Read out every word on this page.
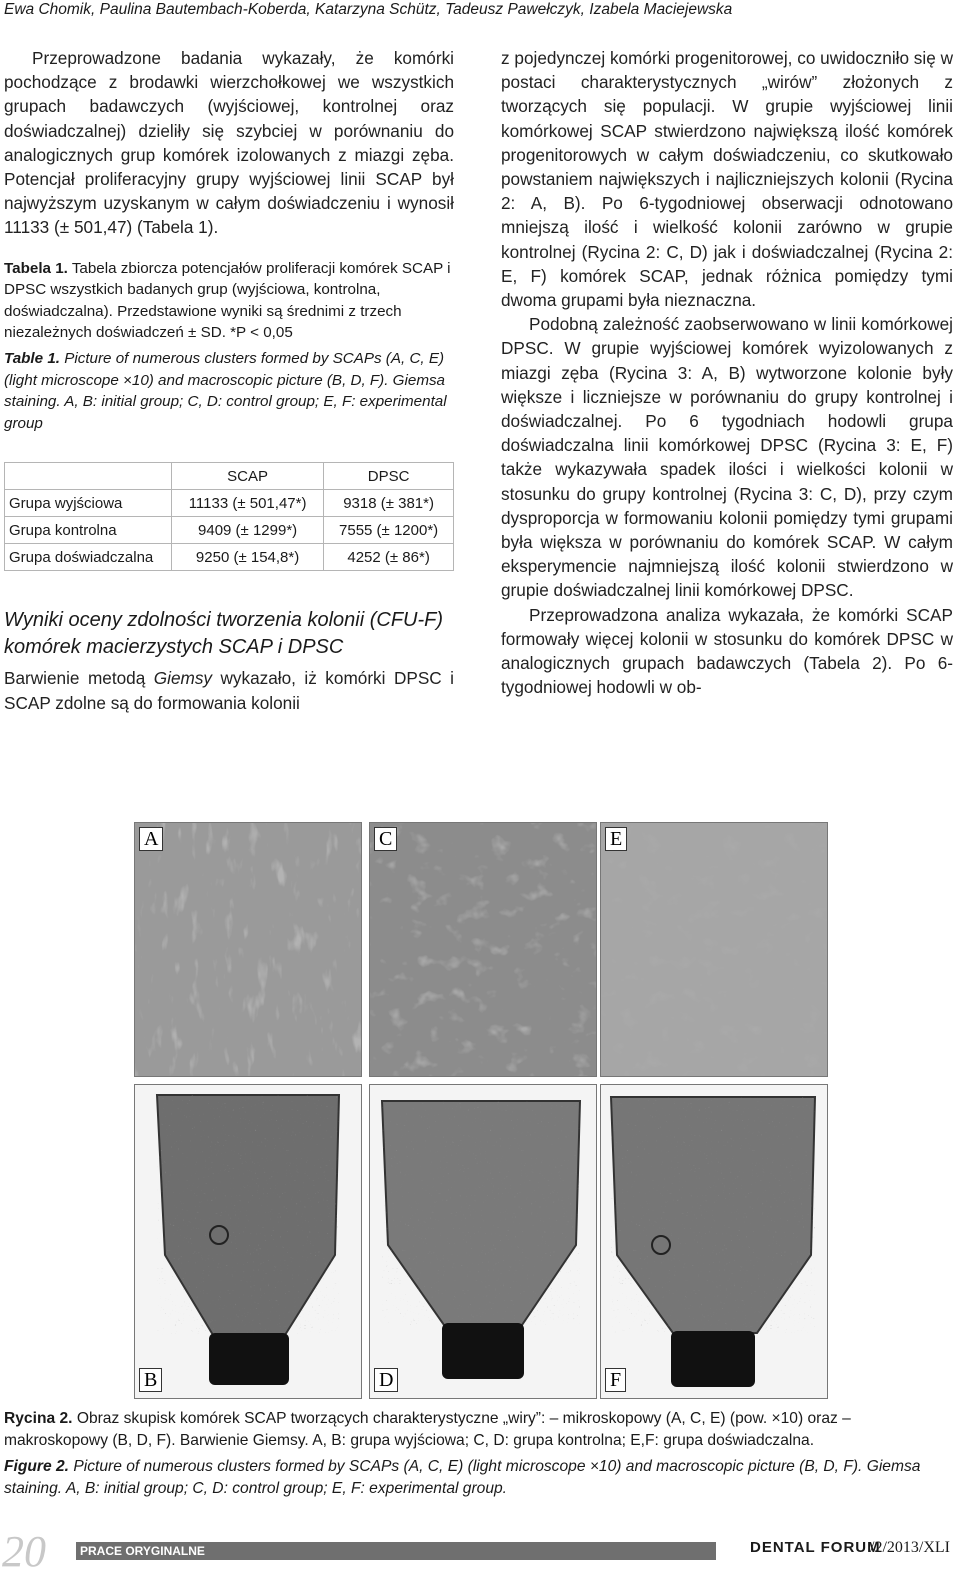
Ewa Chomik, Paulina Bautembach-Koberda, Katarzyna Schütz, Tadeusz Pawełczyk, Izabela Maciejewska

Przeprowadzone badania wykazały, że komórki pochodzące z brodawki wierzchołkowej we wszystkich grupach badawczych (wyjściowej, kontrolnej oraz doświadczalnej) dzieliły się szybciej w porównaniu do analogicznych grup komórek izolowanych z miazgi zęba. Potencjał proliferacyjny grupy wyjściowej linii SCAP był najwyższym uzyskanym w całym doświadczeniu i wynosił 11133 (± 501,47) (Tabela 1).

Tabela 1. Tabela zbiorcza potencjałów proliferacji komórek SCAP i DPSC wszystkich badanych grup (wyjściowa, kontrolna, doświadczalna). Przedstawione wyniki są średnimi z trzech niezależnych doświadczeń ± SD. *P < 0,05

Table 1. Picture of numerous clusters formed by SCAPs (A, C, E) (light microscope ×10) and macroscopic picture (B, D, F). Giemsa staining. A, B: initial group; C, D: control group; E, F: experimental group

	SCAP	DPSC
Grupa wyjściowa	11133 (± 501,47*)	9318 (± 381*)
Grupa kontrolna	9409 (± 1299*)	7555 (± 1200*)
Grupa doświadczalna	9250 (± 154,8*)	4252 (± 86*)
Wyniki oceny zdolności tworzenia kolonii (CFU-F) komórek macierzystych SCAP i DPSC

Barwienie metodą Giemsy wykazało, iż komórki DPSC i SCAP zdolne są do formowania kolonii

z pojedynczej komórki progenitorowej, co uwidoczniło się w postaci charakterystycznych „wirów” złożonych z tworzących się populacji. W grupie wyjściowej linii komórkowej SCAP stwierdzono największą ilość komórek progenitorowych w całym doświadczeniu, co skutkowało powstaniem największych i najliczniejszych kolonii (Rycina 2: A, B). Po 6-tygodniowej obserwacji odnotowano mniejszą ilość i wielkość kolonii zarówno w grupie kontrolnej (Rycina 2: C, D) jak i doświadczalnej (Rycina 2: E, F) komórek SCAP, jednak różnica pomiędzy tymi dwoma grupami była nieznaczna.

Podobną zależność zaobserwowano w linii komórkowej DPSC. W grupie wyjściowej komórek wyizolowanych z miazgi zęba (Rycina 3: A, B) wytworzone kolonie były większe i liczniejsze w porównaniu do grupy kontrolnej i doświadczalnej. Po 6 tygodniach hodowli grupa doświadczalna linii komórkowej DPSC (Rycina 3: E, F) także wykazywała spadek ilości i wielkości kolonii w stosunku do grupy kontrolnej (Rycina 3: C, D), przy czym dysproporcja w formowaniu kolonii pomiędzy tymi grupami była większa w porównaniu do komórek SCAP. W całym eksperymencie najmniejszą ilość kolonii stwierdzono w grupie doświadczalnej linii komórkowej DPSC.

Przeprowadzona analiza wykazała, że komórki SCAP formowały więcej kolonii w stosunku do komórek DPSC w analogicznych grupach badawczych (Tabela 2). Po 6-tygodniowej hodowli w ob-

A	C	E
B	D	F

Rycina 2. Obraz skupisk komórek SCAP tworzących charakterystyczne „wiry”: – mikroskopowy (A, C, E) (pow. ×10) oraz – makroskopowy (B, D, F). Barwienie Giemsy. A, B: grupa wyjściowa; C, D: grupa kontrolna; E,F: grupa doświadczalna.

Figure 2. Picture of numerous clusters formed by SCAPs (A, C, E) (light microscope ×10) and macroscopic picture (B, D, F). Giemsa staining. A, B: initial group; C, D: control group; E, F: experimental group.

20	PRACE ORYGINALNE	DENTAL FORUM
/2/2013/XLI
